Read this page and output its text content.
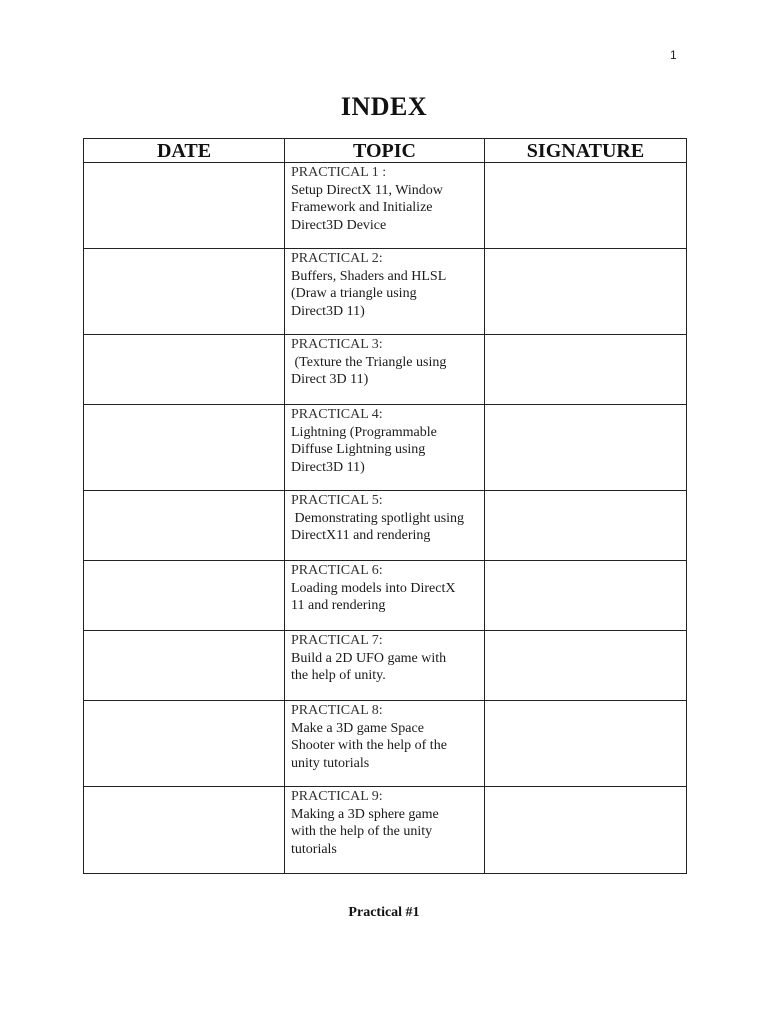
1
INDEX
DATE	TOPIC	SIGNATURE

	PRACTICAL 1 :
Setup DirectX 11, Window
Framework and Initialize
Direct3D Device	

	PRACTICAL 2:
Buffers, Shaders and HLSL
(Draw a triangle using
Direct3D 11)	

	PRACTICAL 3:
(Texture the Triangle using
Direct 3D 11)	

	PRACTICAL 4:
Lightning (Programmable
Diffuse Lightning using
Direct3D 11)	

	PRACTICAL 5:
Demonstrating spotlight using
DirectX11 and rendering	

	PRACTICAL 6:
Loading models into DirectX
11 and rendering	

	PRACTICAL 7:
Build a 2D UFO game with
the help of unity.	

	PRACTICAL 8:
Make a 3D game Space
Shooter with the help of the
unity tutorials	

	PRACTICAL 9:
Making a 3D sphere game
with the help of the unity
tutorials	

Practical #1
